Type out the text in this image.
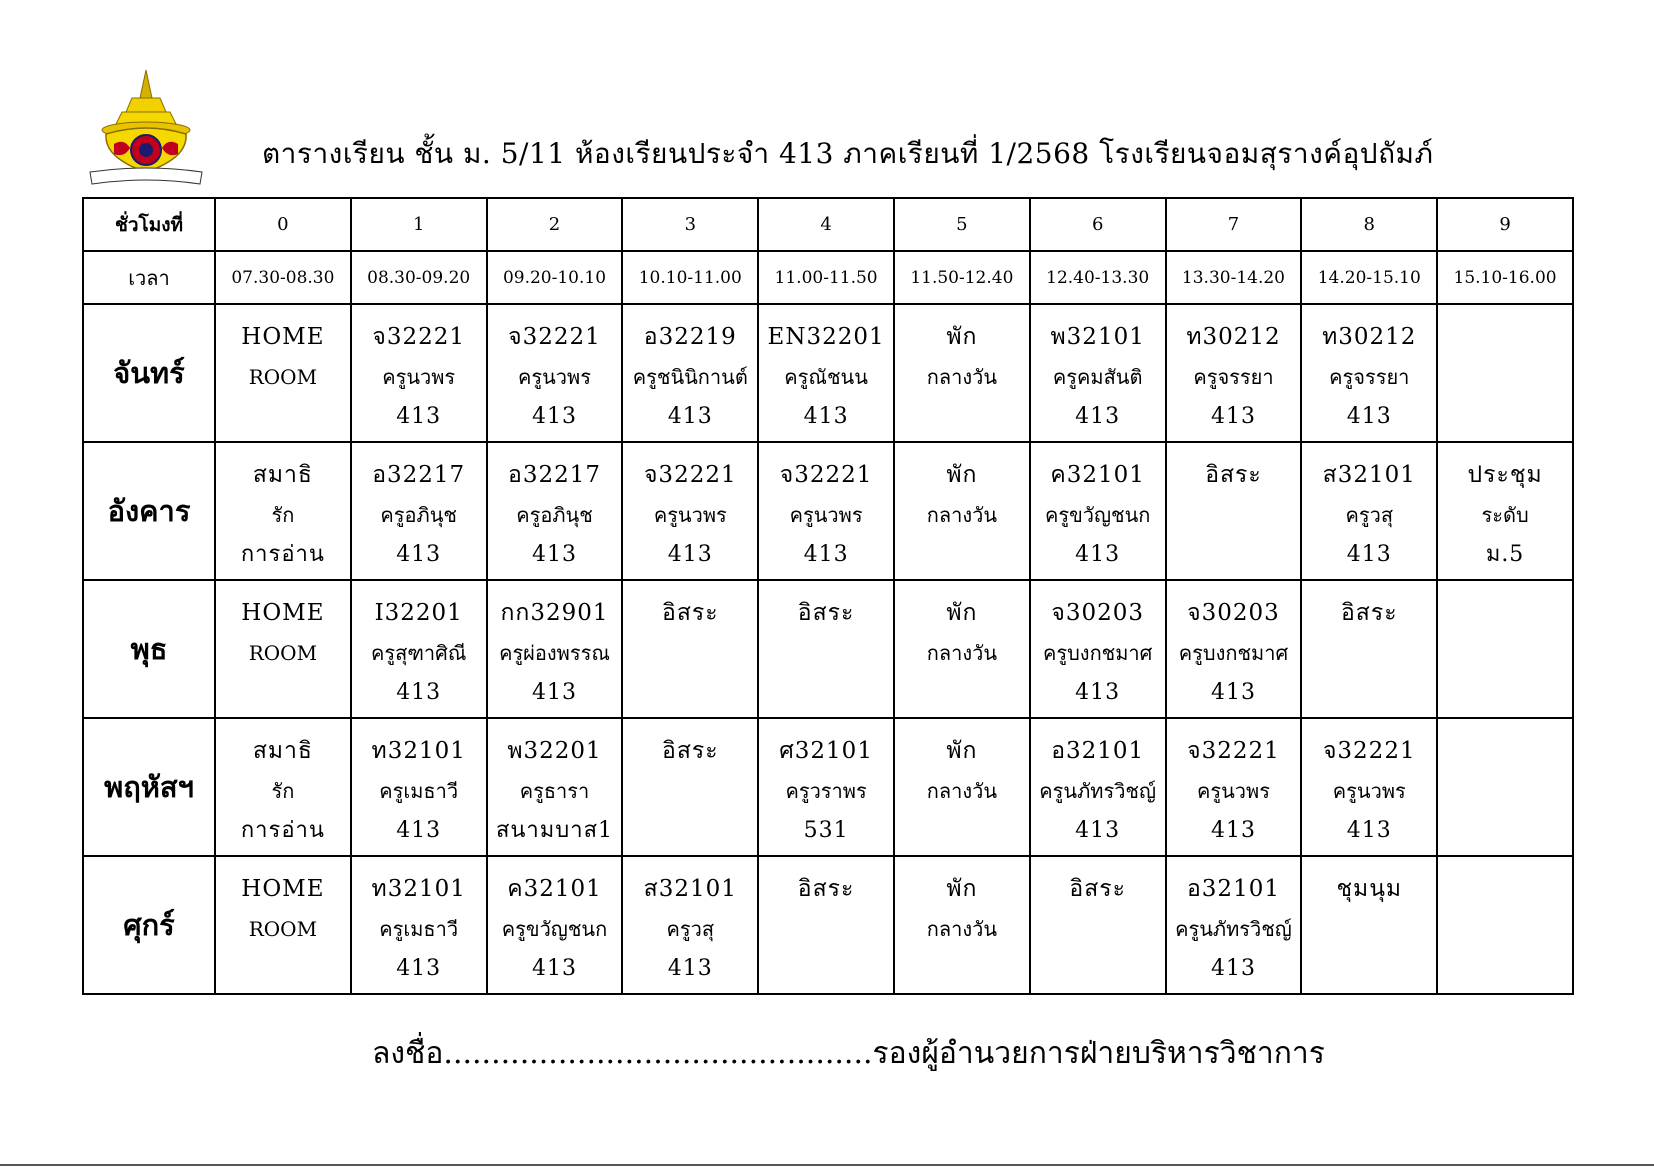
ตารางเรียน ชั้น ม. 5/11 ห้องเรียนประจำ 413 ภาคเรียนที่ 1/2568 โรงเรียนจอมสุรางค์อุปถัมภ์
ชั่วโมงที่	0	1	2	3	4	5	6	7	8	9
เวลา	07.30-08.30	08.30-09.20	09.20-10.10	10.10-11.00	11.00-11.50	11.50-12.40	12.40-13.30	13.30-14.20	14.20-15.10	15.10-16.00
จันทร์	HOME
ROOM	จ32221
ครูนวพร
413	จ32221
ครูนวพร
413	อ32219
ครูชนินิกานต์
413	EN32201
ครูณัชนน
413	พัก
กลางวัน	พ32101
ครูคมสันติ
413	ท30212
ครูจรรยา
413	ท30212
ครูจรรยา
413	

อังคาร	สมาธิ
รัก
การอ่าน	อ32217
ครูอภินุช
413	อ32217
ครูอภินุช
413	จ32221
ครูนวพร
413	จ32221
ครูนวพร
413	พัก
กลางวัน	ค32101
ครูขวัญชนก
413	อิสระ	ส32101
ครูวสุ
413	ประชุม
ระดับ
ม.5

พุธ	HOME
ROOM	I32201
ครูสุฑาศิณี
413	กก32901
ครูผ่องพรรณ
413	อิสระ	อิสระ	พัก
กลางวัน	จ30203
ครูบงกชมาศ
413	จ30203
ครูบงกชมาศ
413	อิสระ	

พฤหัสฯ	สมาธิ
รัก
การอ่าน	ท32101
ครูเมธาวี
413	พ32201
ครูธารา
สนามบาส1	อิสระ	ศ32101
ครูวราพร
531	พัก
กลางวัน	อ32101
ครูนภัทรวิชญ์
413	จ32221
ครูนวพร
413	จ32221
ครูนวพร
413	

ศุกร์	HOME
ROOM	ท32101
ครูเมธาวี
413	ค32101
ครูขวัญชนก
413	ส32101
ครูวสุ
413	อิสระ	พัก
กลางวัน	อิสระ	อ32101
ครูนภัทรวิชญ์
413	ชุมนุม	

ลงชื่อ.............................................รองผู้อำนวยการฝ่ายบริหารวิชาการ
